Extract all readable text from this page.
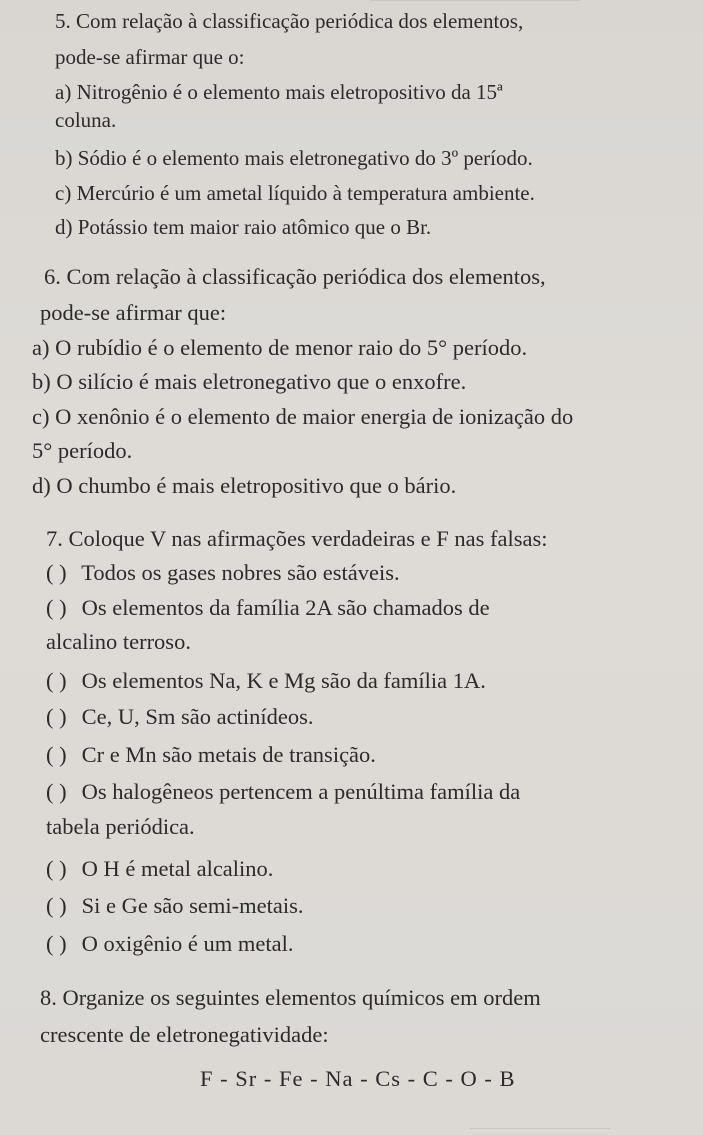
5. Com relação à classificação periódica dos elementos,
pode-se afirmar que o:
a) Nitrogênio é o elemento mais eletropositivo da 15ª
coluna.
b) Sódio é o elemento mais eletronegativo do 3º período.
c) Mercúrio é um ametal líquido à temperatura ambiente.
d) Potássio tem maior raio atômico que o Br.
6. Com relação à classificação periódica dos elementos,
pode-se afirmar que:
a) O rubídio é o elemento de menor raio do 5° período.
b) O silício é mais eletronegativo que o enxofre.
c) O xenônio é o elemento de maior energia de ionização do
5° período.
d) O chumbo é mais eletropositivo que o bário.
7. Coloque V nas afirmações verdadeiras e F nas falsas:
( ) Todos os gases nobres são estáveis.
( ) Os elementos da família 2A são chamados de
alcalino terroso.
( ) Os elementos Na, K e Mg são da família 1A.
( ) Ce, U, Sm são actinídeos.
( ) Cr e Mn são metais de transição.
( ) Os halogêneos pertencem a penúltima família da
tabela periódica.
( ) O H é metal alcalino.
( ) Si e Ge são semi-metais.
( ) O oxigênio é um metal.
8. Organize os seguintes elementos químicos em ordem
crescente de eletronegatividade:
F - Sr - Fe - Na - Cs - C - O - B
